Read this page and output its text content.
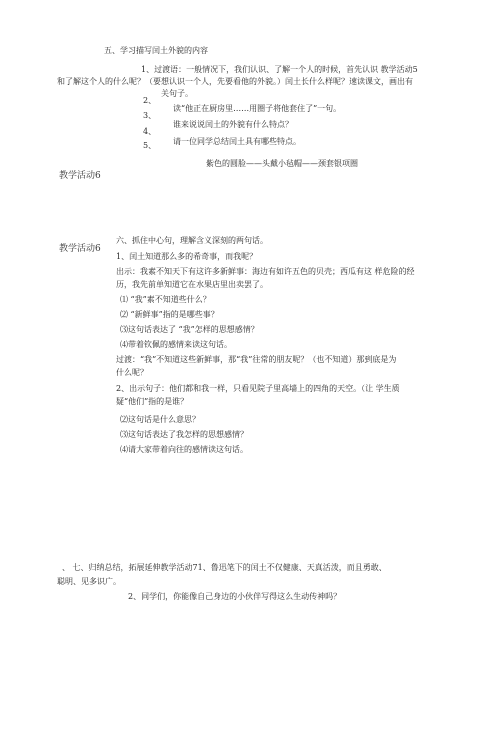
五、学习描写闰土外貌的内容
1、过渡语：一般情况下，我们认识、了解一个人的时候，首先认识 教学活动5
和了解这个人的什么呢？（要想认识一个人，先要看他的外貌。）闰土长什么样呢？速读课文，画出有
关句子。
2、
3、
读“他正在厨房里……用圈子将他套住了”一句。
4、
谁来说说闰土的外貌有什么特点？
5、 请一位同学总结闰土具有哪些特点。
紫色的圆脸——头戴小毡帽——颈套银项圈
教学活动6
教学活动6
六、抓住中心句，理解含义深刻的两句话。
1、闰土知道那么多的希奇事，而我呢？
出示：我素不知天下有这许多新鲜事：海边有如许五色的贝壳；西瓜有这 样危险的经
历，我先前单知道它在水果店里出卖罢了。
⑴ “我”素不知道些什么？
⑵ “新鲜事”指的是哪些事？
⑶这句话表达了 “我”怎样的思想感情？
⑷带着钦佩的感情来读这句话。
过渡：“我”不知道这些新鲜事，那“我”往常的朋友呢？（也不知道）那到底是为
什么呢？
2、出示句子：他们都和我一样，只看见院子里高墙上的四角的天空。（让 学生质
疑“他们”指的是谁？
⑵这句话是什么意思？
⑶这句话表达了我怎样的思想感情？
⑷请大家带着向往的感情读这句话。
、 七、归纳总结，拓展延伸教学活动71、鲁迅笔下的闰土不仅健康、天真活泼，而且勇敢、
聪明、见多识广。
2、同学们，你能像自己身边的小伙伴写得这么生动传神吗？
